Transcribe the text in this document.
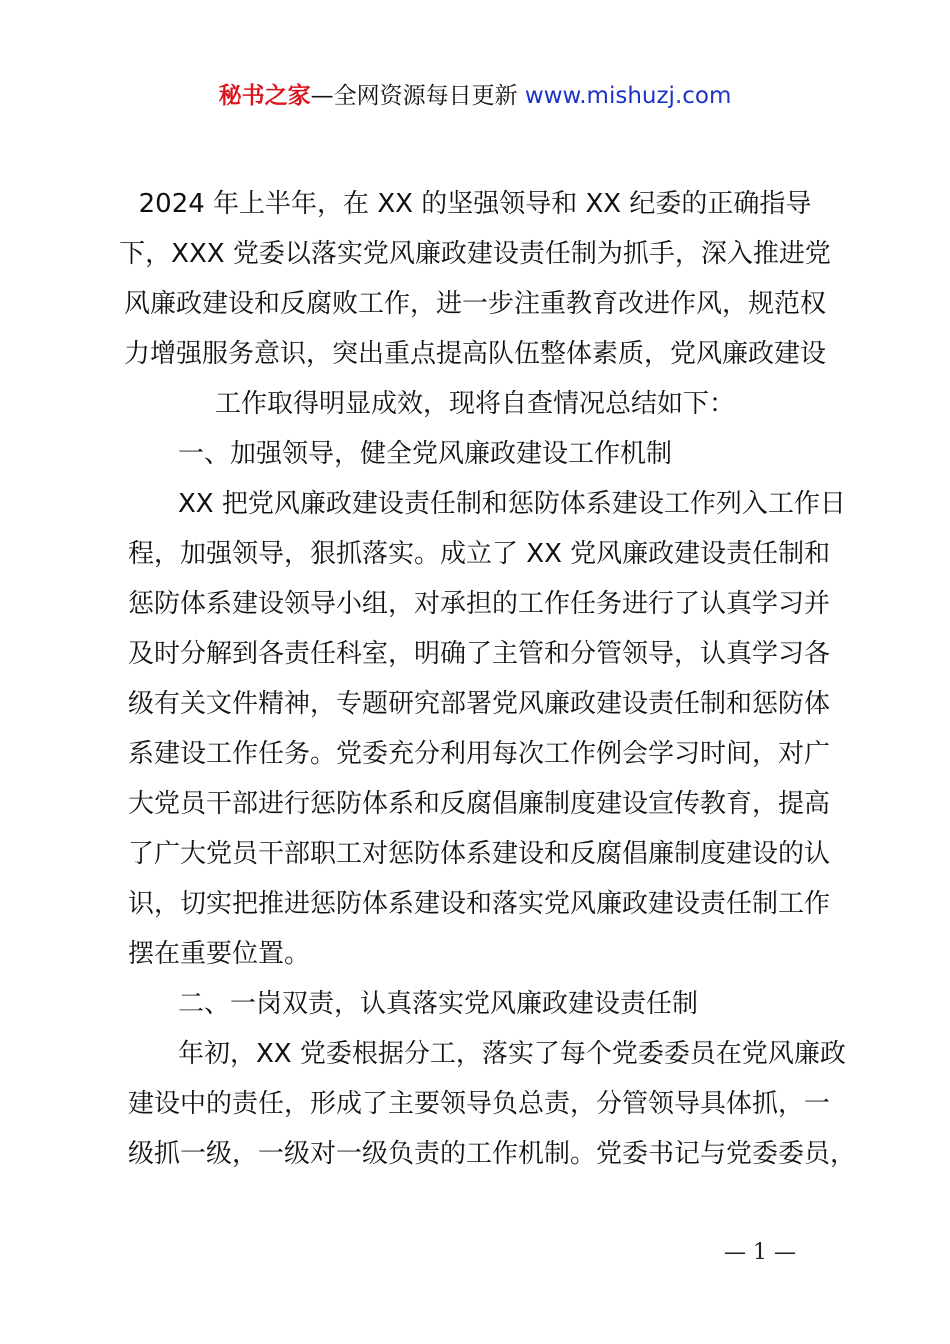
秘书之家—全网资源每日更新 www.mishuzj.com
2024 年上半年，在 XX 的坚强领导和 XX 纪委的正确指导
下，XXX 党委以落实党风廉政建设责任制为抓手，深入推进党
风廉政建设和反腐败工作，进一步注重教育改进作风，规范权
力增强服务意识，突出重点提高队伍整体素质，党风廉政建设
工作取得明显成效，现将自查情况总结如下：
一、加强领导，健全党风廉政建设工作机制
XX 把党风廉政建设责任制和惩防体系建设工作列入工作日
程，加强领导，狠抓落实。成立了 XX 党风廉政建设责任制和
惩防体系建设领导小组，对承担的工作任务进行了认真学习并
及时分解到各责任科室，明确了主管和分管领导，认真学习各
级有关文件精神，专题研究部署党风廉政建设责任制和惩防体
系建设工作任务。党委充分利用每次工作例会学习时间，对广
大党员干部进行惩防体系和反腐倡廉制度建设宣传教育，提高
了广大党员干部职工对惩防体系建设和反腐倡廉制度建设的认
识，切实把推进惩防体系建设和落实党风廉政建设责任制工作
摆在重要位置。
二、一岗双责，认真落实党风廉政建设责任制
年初，XX 党委根据分工，落实了每个党委委员在党风廉政
建设中的责任，形成了主要领导负总责，分管领导具体抓，一
级抓一级，一级对一级负责的工作机制。党委书记与党委委员，
— 1 —
